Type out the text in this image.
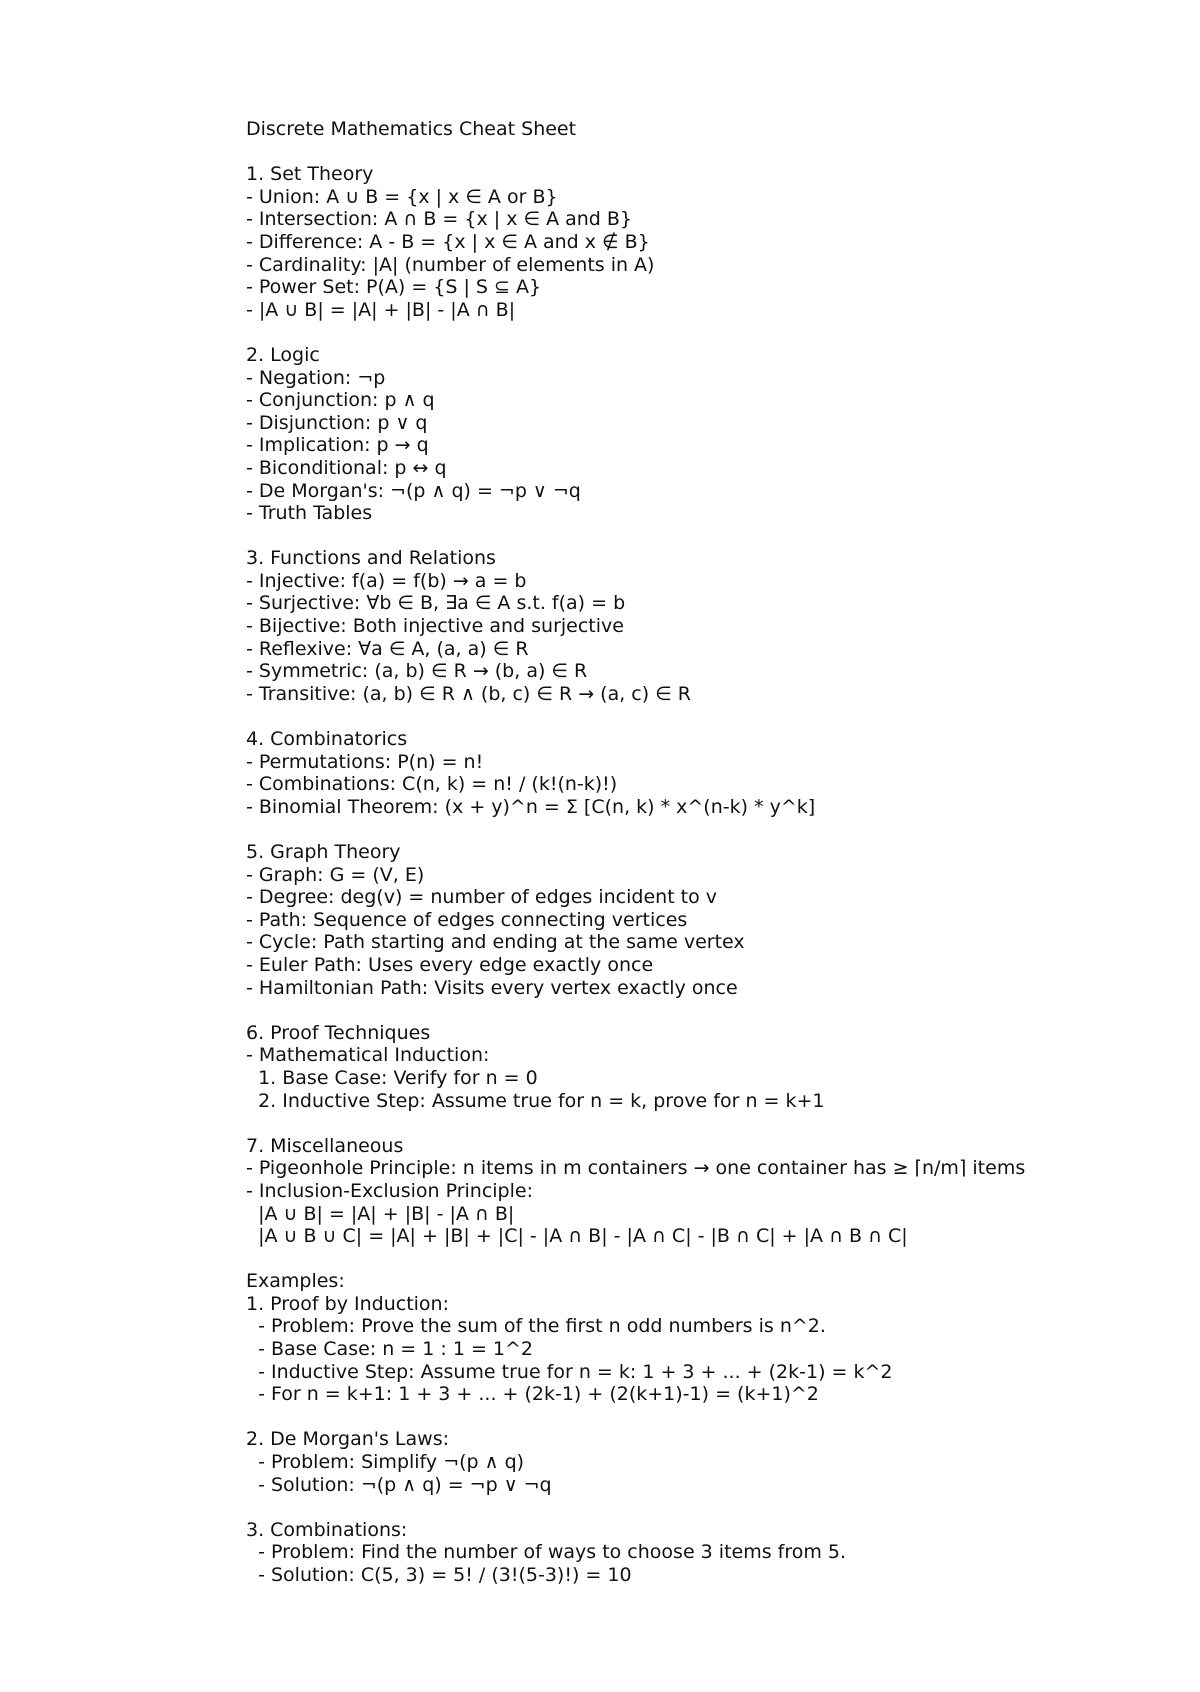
Discrete Mathematics Cheat Sheet
1. Set Theory
- Union: A ∪ B = {x | x ∈ A or B}
- Intersection: A ∩ B = {x | x ∈ A and B}
- Difference: A - B = {x | x ∈ A and x ∉ B}
- Cardinality: |A| (number of elements in A)
- Power Set: P(A) = {S | S ⊆ A}
- |A ∪ B| = |A| + |B| - |A ∩ B|
2. Logic
- Negation: ¬p
- Conjunction: p ∧ q
- Disjunction: p ∨ q
- Implication: p → q
- Biconditional: p ↔ q
- De Morgan's: ¬(p ∧ q) = ¬p ∨ ¬q
- Truth Tables
3. Functions and Relations
- Injective: f(a) = f(b) → a = b
- Surjective: ∀b ∈ B, ∃a ∈ A s.t. f(a) = b
- Bijective: Both injective and surjective
- Reflexive: ∀a ∈ A, (a, a) ∈ R
- Symmetric: (a, b) ∈ R → (b, a) ∈ R
- Transitive: (a, b) ∈ R ∧ (b, c) ∈ R → (a, c) ∈ R
4. Combinatorics
- Permutations: P(n) = n!
- Combinations: C(n, k) = n! / (k!(n-k)!)
- Binomial Theorem: (x + y)^n = Σ [C(n, k) * x^(n-k) * y^k]
5. Graph Theory
- Graph: G = (V, E)
- Degree: deg(v) = number of edges incident to v
- Path: Sequence of edges connecting vertices
- Cycle: Path starting and ending at the same vertex
- Euler Path: Uses every edge exactly once
- Hamiltonian Path: Visits every vertex exactly once
6. Proof Techniques
- Mathematical Induction:
1. Base Case: Verify for n = 0
2. Inductive Step: Assume true for n = k, prove for n = k+1
7. Miscellaneous
- Pigeonhole Principle: n items in m containers → one container has ≥ ⌈n/m⌉ items
- Inclusion-Exclusion Principle:
|A ∪ B| = |A| + |B| - |A ∩ B|
|A ∪ B ∪ C| = |A| + |B| + |C| - |A ∩ B| - |A ∩ C| - |B ∩ C| + |A ∩ B ∩ C|
Examples:
1. Proof by Induction:
- Problem: Prove the sum of the first n odd numbers is n^2.
- Base Case: n = 1 : 1 = 1^2
- Inductive Step: Assume true for n = k: 1 + 3 + ... + (2k-1) = k^2
- For n = k+1: 1 + 3 + ... + (2k-1) + (2(k+1)-1) = (k+1)^2
2. De Morgan's Laws:
- Problem: Simplify ¬(p ∧ q)
- Solution: ¬(p ∧ q) = ¬p ∨ ¬q
3. Combinations:
- Problem: Find the number of ways to choose 3 items from 5.
- Solution: C(5, 3) = 5! / (3!(5-3)!) = 10
